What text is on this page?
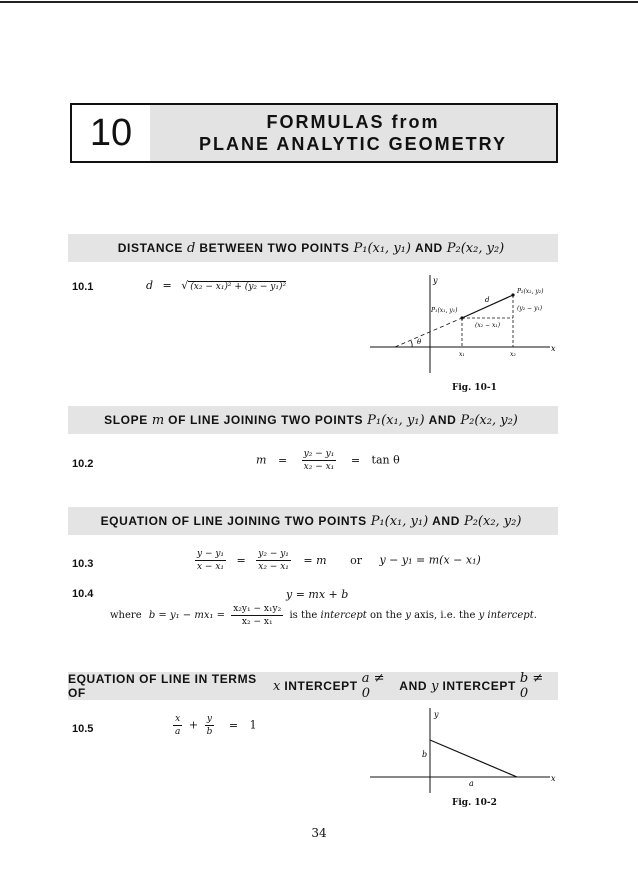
10	FORMULAS from
PLANE ANALYTIC GEOMETRY
DISTANCE d BETWEEN TWO POINTS P₁(x₁, y₁) AND P₂(x₂, y₂)
10.1	d = √ (x₂ − x₁)² + (y₂ − y₁)²
y
x
P₁(x₁, y₁)
P₂(x₂, y₂)
d
(x₂ − x₁)
(y₂ − y₁)
θ
x₁	x₂
Fig. 10-1
SLOPE m OF LINE JOINING TWO POINTS P₁(x₁, y₁) AND P₂(x₂, y₂)
10.2	$m = \frac{\text{y₂ − y₁}}{\text{x₂ − x₁}} = \tan \theta$
EQUATION OF LINE JOINING TWO POINTS P₁(x₁, y₁) AND P₂(x₂, y₂)
10.3	$\frac{\text{y − y₁}}{\text{x − x₁}} = \frac{\text{y₂ − y₁}}{\text{x₂ − x₁}} = m$ or y − y₁ = m(x − x₁)
10.4	y = mx + b
where $b = y_1 - mx_1 = \frac{\text{x₂y₁ − x₁y₂}}{\text{x₂ − x₁}}$ is the intercept on the y axis, i.e. the y intercept.
EQUATION OF LINE IN TERMS OF	x INTERCEPT a ≠ 0	AND y INTERCEPT b ≠ 0
10.5	$\frac{x}{a} + \frac{y}{b} = 1$
y
x
b
a
Fig. 10-2
34
